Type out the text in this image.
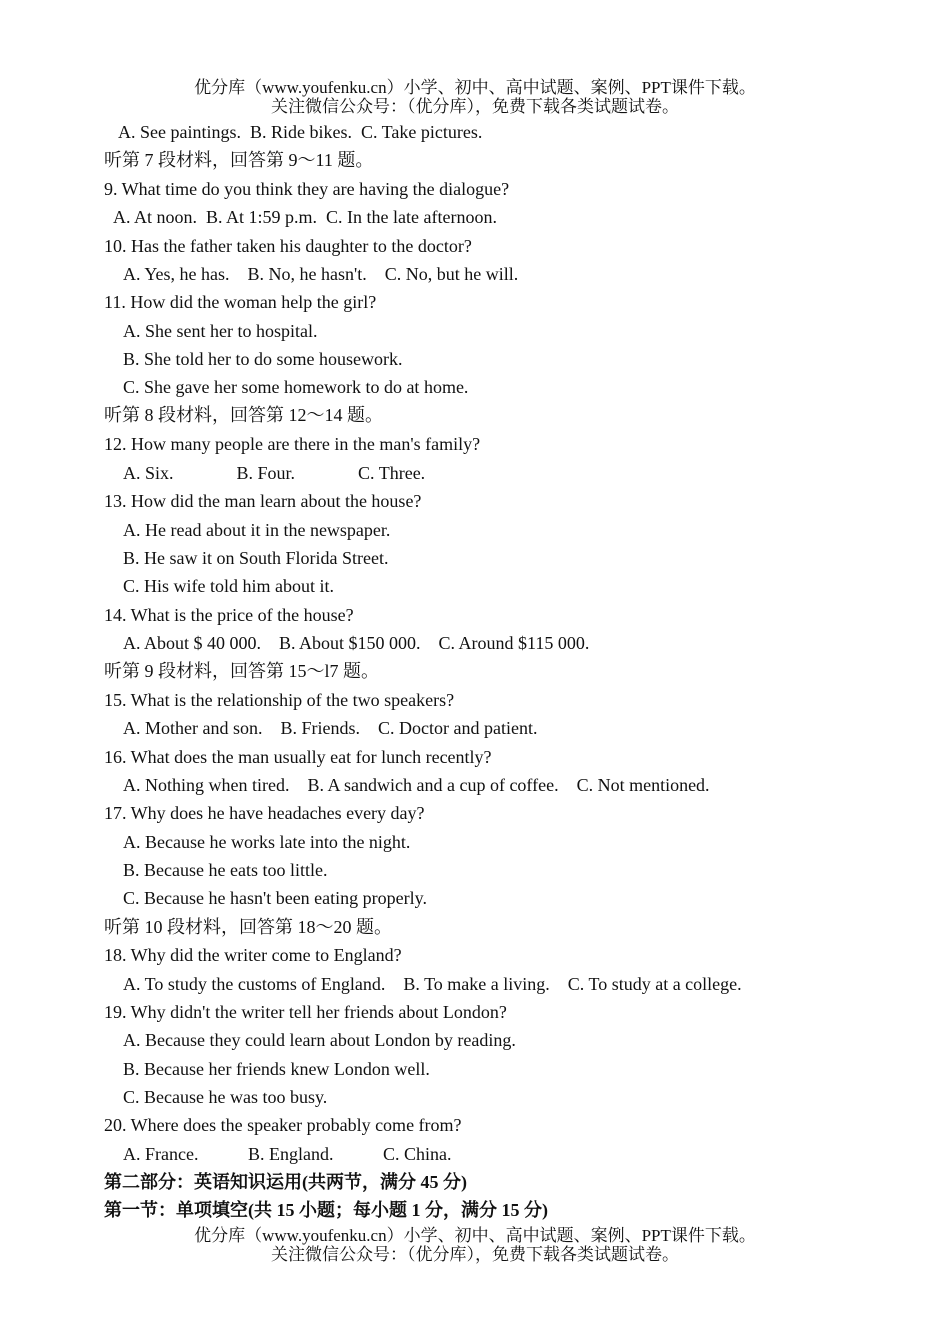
优分库（www.youfenku.cn）小学、初中、高中试题、案例、PPT课件下载。
关注微信公众号：（优分库），免费下载各类试题试卷。
A. See paintings.  B. Ride bikes.  C. Take pictures.
听第 7 段材料，回答第 9～11 题。
9. What time do you think they are having the dialogue?
A. At noon.  B. At 1:59 p.m.  C. In the late afternoon.
10. Has the father taken his daughter to the doctor?
A. Yes, he has.    B. No, he hasn't.    C. No, but he will.
11. How did the woman help the girl?
A. She sent her to hospital.
B. She told her to do some housework.
C. She gave her some homework to do at home.
听第 8 段材料，回答第 12～14 题。
12. How many people are there in the man's family?
A. Six.              B. Four.              C. Three.
13. How did the man learn about the house?
A. He read about it in the newspaper.
B. He saw it on South Florida Street.
C. His wife told him about it.
14. What is the price of the house?
A. About $ 40 000.    B. About $150 000.    C. Around $115 000.
听第 9 段材料，回答第 15～l7 题。
15. What is the relationship of the two speakers?
A. Mother and son.    B. Friends.    C. Doctor and patient.
16. What does the man usually eat for lunch recently?
A. Nothing when tired.    B. A sandwich and a cup of coffee.    C. Not mentioned.
17. Why does he have headaches every day?
A. Because he works late into the night.
B. Because he eats too little.
C. Because he hasn't been eating properly.
听第 10 段材料，回答第 18～20 题。
18. Why did the writer come to England?
A. To study the customs of England.    B. To make a living.    C. To study at a college.
19. Why didn't the writer tell her friends about London?
A. Because they could learn about London by reading.
B. Because her friends knew London well.
C. Because he was too busy.
20. Where does the speaker probably come from?
A. France.           B. England.           C. China.
第二部分：英语知识运用(共两节，满分 45 分)
第一节：单项填空(共 15 小题；每小题 1 分，满分 15 分)
优分库（www.youfenku.cn）小学、初中、高中试题、案例、PPT课件下载。
关注微信公众号：（优分库），免费下载各类试题试卷。
